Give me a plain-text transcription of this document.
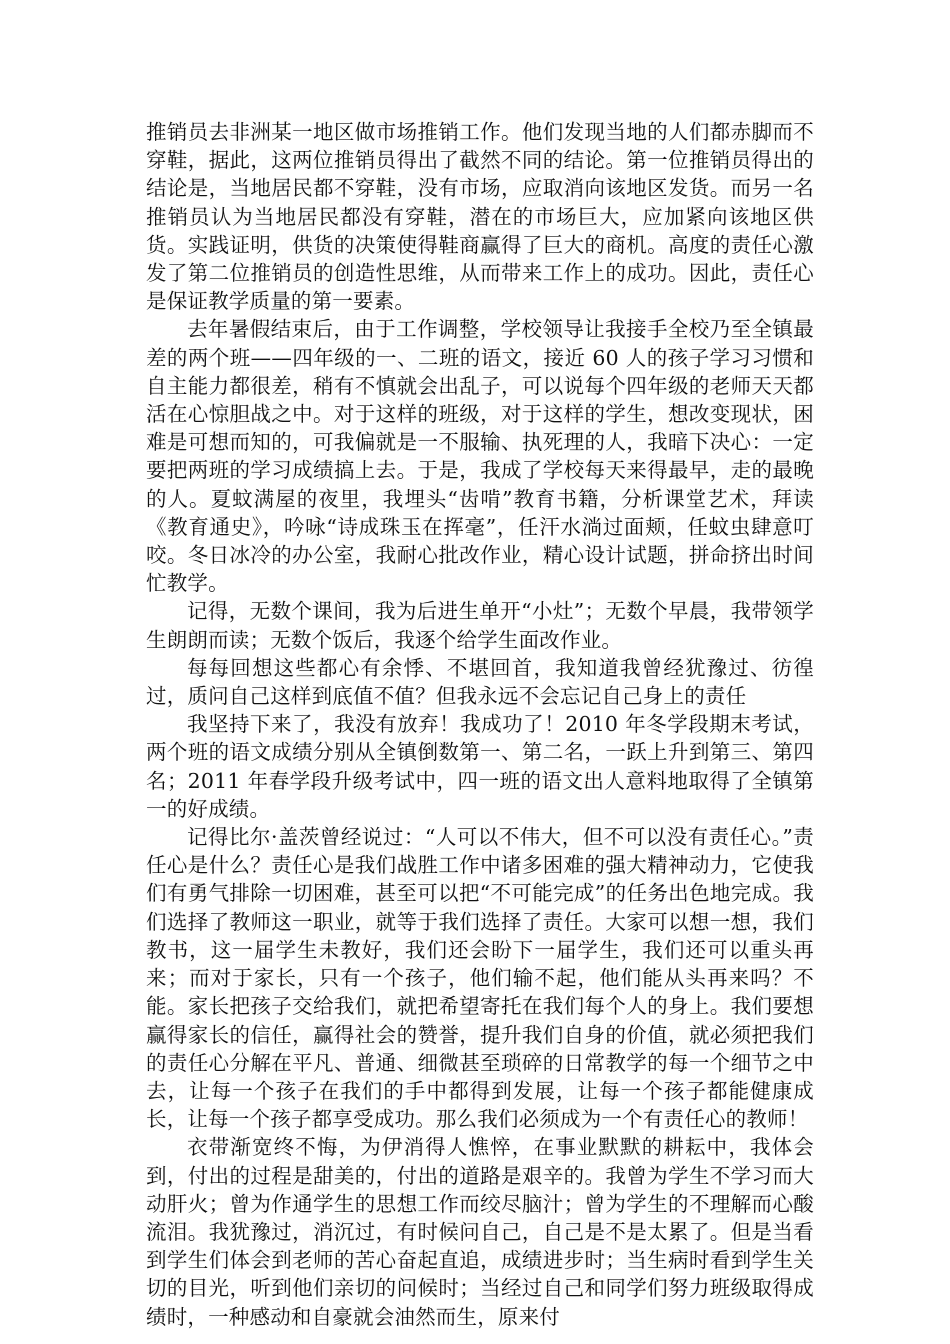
推销员去非洲某一地区做市场推销工作。他们发现当地的人们都赤脚而不穿鞋，据此，这两位推销员得出了截然不同的结论。第一位推销员得出的结论是，当地居民都不穿鞋，没有市场，应取消向该地区发货。而另一名推销员认为当地居民都没有穿鞋，潜在的市场巨大，应加紧向该地区供货。实践证明，供货的决策使得鞋商赢得了巨大的商机。高度的责任心激发了第二位推销员的创造性思维，从而带来工作上的成功。因此，责任心是保证教学质量的第一要素。

去年暑假结束后，由于工作调整，学校领导让我接手全校乃至全镇最差的两个班——四年级的一、二班的语文，接近 60 人的孩子学习习惯和自主能力都很差，稍有不慎就会出乱子，可以说每个四年级的老师天天都活在心惊胆战之中。对于这样的班级，对于这样的学生，想改变现状，困难是可想而知的，可我偏就是一不服输、执死理的人，我暗下决心：一定要把两班的学习成绩搞上去。于是，我成了学校每天来得最早，走的最晚的人。夏蚊满屋的夜里，我埋头“齿啃”教育书籍，分析课堂艺术，拜读《教育通史》，吟咏“诗成珠玉在挥毫”，任汗水淌过面颊，任蚊虫肆意叮咬。冬日冰冷的办公室，我耐心批改作业，精心设计试题，拼命挤出时间忙教学。

记得，无数个课间，我为后进生单开“小灶”；无数个早晨，我带领学生朗朗而读；无数个饭后，我逐个给学生面改作业。

每每回想这些都心有余悸、不堪回首，我知道我曾经犹豫过、彷徨过，质问自己这样到底值不值？但我永远不会忘记自己身上的责任

我坚持下来了，我没有放弃！我成功了！2010 年冬学段期末考试，两个班的语文成绩分别从全镇倒数第一、第二名，一跃上升到第三、第四名；2011 年春学段升级考试中，四一班的语文出人意料地取得了全镇第一的好成绩。

记得比尔·盖茨曾经说过：“人可以不伟大，但不可以没有责任心。”责任心是什么？责任心是我们战胜工作中诸多困难的强大精神动力，它使我们有勇气排除一切困难，甚至可以把“不可能完成”的任务出色地完成。我们选择了教师这一职业，就等于我们选择了责任。大家可以想一想，我们教书，这一届学生未教好，我们还会盼下一届学生，我们还可以重头再来；而对于家长，只有一个孩子，他们输不起，他们能从头再来吗？不能。家长把孩子交给我们，就把希望寄托在我们每个人的身上。我们要想赢得家长的信任，赢得社会的赞誉，提升我们自身的价值，就必须把我们的责任心分解在平凡、普通、细微甚至琐碎的日常教学的每一个细节之中去，让每一个孩子在我们的手中都得到发展，让每一个孩子都能健康成长，让每一个孩子都享受成功。那么我们必须成为一个有责任心的教师！

衣带渐宽终不悔，为伊消得人憔悴，在事业默默的耕耘中，我体会到，付出的过程是甜美的，付出的道路是艰辛的。我曾为学生不学习而大动肝火；曾为作通学生的思想工作而绞尽脑汁；曾为学生的不理解而心酸流泪。我犹豫过，消沉过，有时候问自己，自己是不是太累了。但是当看到学生们体会到老师的苦心奋起直追，成绩进步时；当生病时看到学生关切的目光，听到他们亲切的问候时；当经过自己和同学们努力班级取得成绩时，一种感动和自豪就会油然而生，原来付
